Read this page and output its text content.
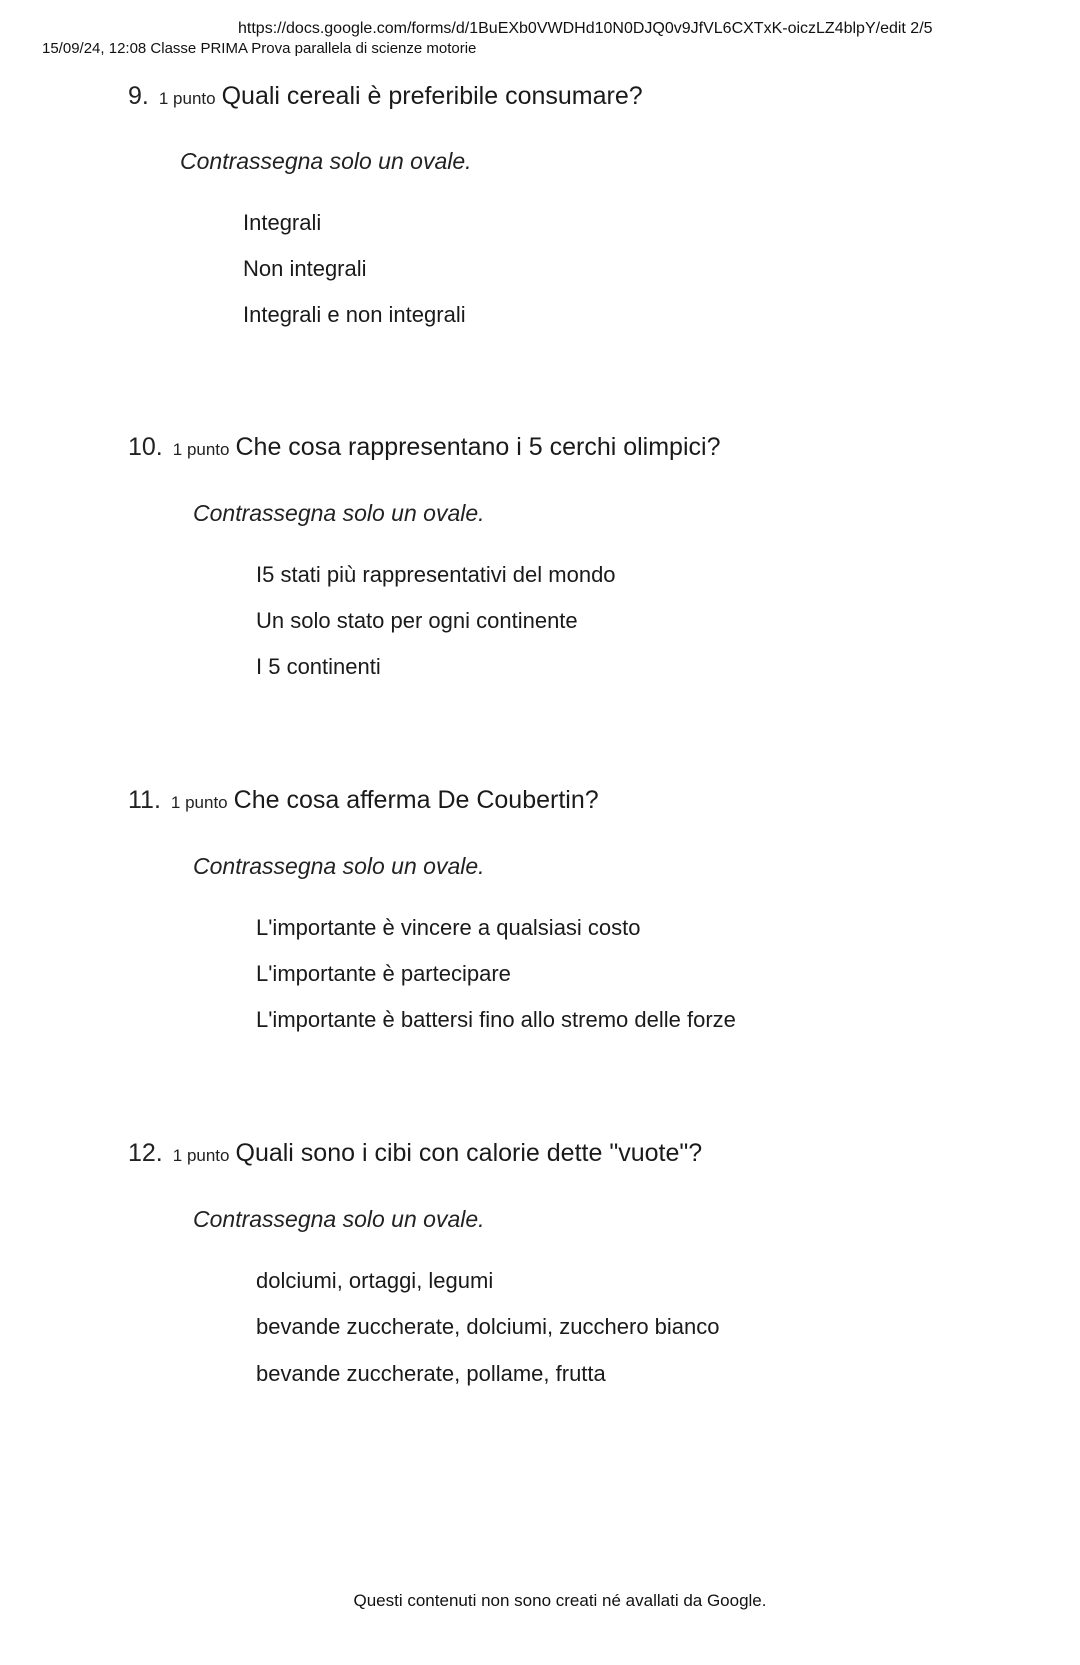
https://docs.google.com/forms/d/1BuEXb0VWDHd10N0DJQ0v9JfVL6CXTxK-oiczLZ4blpY/edit 2/5
15/09/24, 12:08 Classe PRIMA Prova parallela di scienze motorie
9. 1 punto Quali cereali è preferibile consumare?
Contrassegna solo un ovale.
Integrali
Non integrali
Integrali e non integrali
10. 1 punto Che cosa rappresentano i 5 cerchi olimpici?
Contrassegna solo un ovale.
I5 stati più rappresentativi del mondo
Un solo stato per ogni continente
I 5 continenti
11. 1 punto Che cosa afferma De Coubertin?
Contrassegna solo un ovale.
L'importante è vincere a qualsiasi costo
L'importante è partecipare
L'importante è battersi fino allo stremo delle forze
12. 1 punto Quali sono i cibi con calorie dette "vuote"?
Contrassegna solo un ovale.
dolciumi, ortaggi, legumi
bevande zuccherate, dolciumi, zucchero bianco
bevande zuccherate, pollame, frutta
Questi contenuti non sono creati né avallati da Google.
